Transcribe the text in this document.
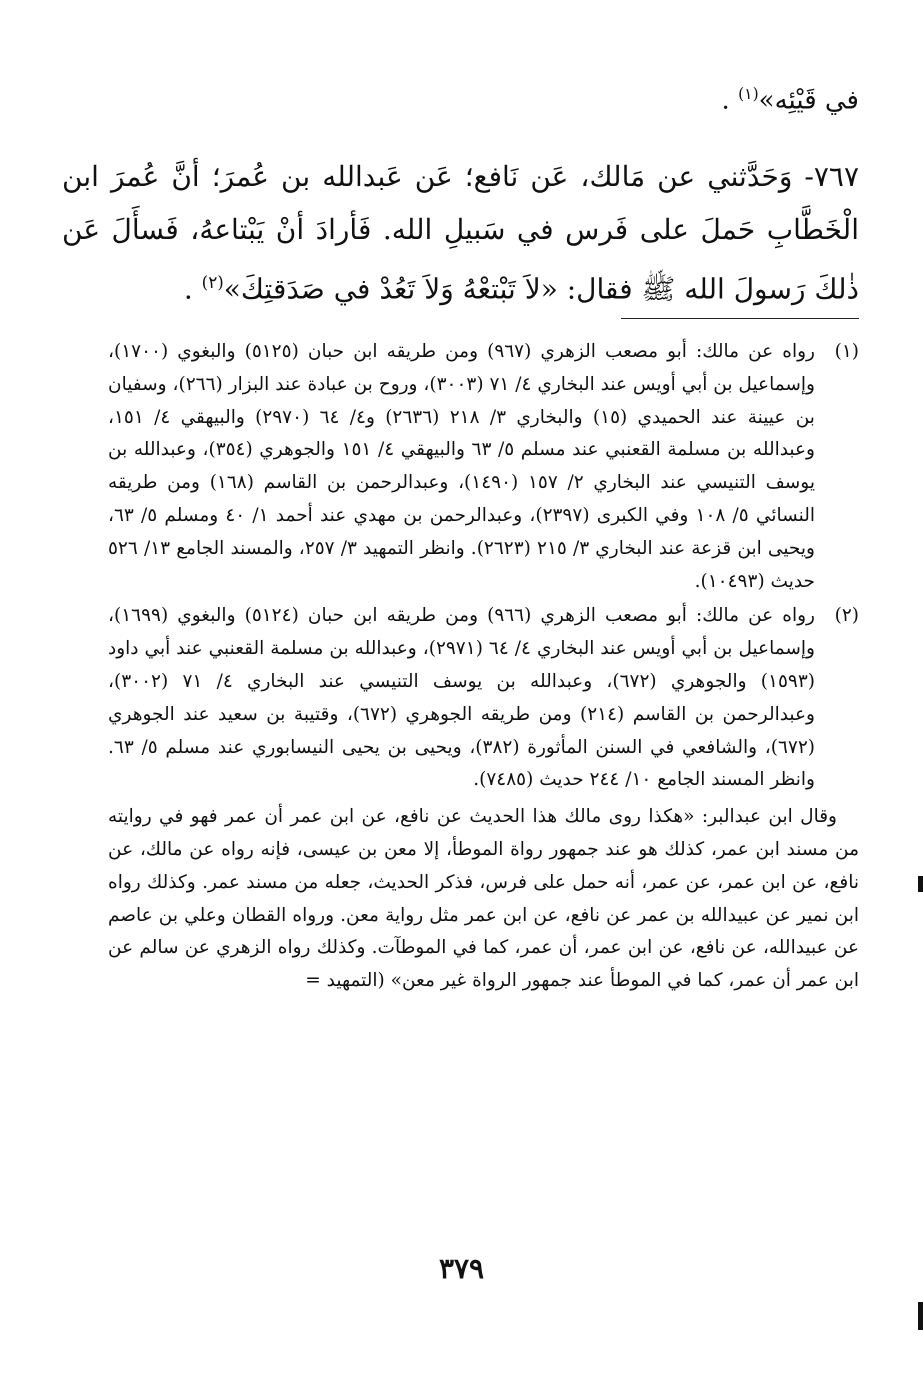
في قَيْئِه»$^{(١)}$ .
٧٦٧- وَحَدَّثني عن مَالك، عَن نَافع؛ عَن عَبدالله بن عُمرَ؛ أنَّ عُمرَ ابن الْخَطَّابِ حَملَ على فَرس في سَبيلِ الله. فَأرادَ أنْ يَبْتاعهُ، فَسأَلَ عَن ذٰلكَ رَسولَ الله ﷺ فقال: «لاَ تَبْتعْهُ وَلاَ تَعُدْ في صَدَقتِكَ»$^{(٢)}$ .
(١)
رواه عن مالك: أبو مصعب الزهري (٩٦٧) ومن طريقه ابن حبان (٥١٢٥) والبغوي (١٧٠٠)، وإسماعيل بن أبي أويس عند البخاري ٤/ ٧١ (٣٠٠٣)، وروح بن عبادة عند البزار (٢٦٦)، وسفيان بن عيينة عند الحميدي (١٥) والبخاري ٣/ ٢١٨ (٢٦٣٦) و٤/ ٦٤ (٢٩٧٠) والبيهقي ٤/ ١٥١، وعبدالله بن مسلمة القعنبي عند مسلم ٥/ ٦٣ والبيهقي ٤/ ١٥١ والجوهري (٣٥٤)، وعبدالله بن يوسف التنيسي عند البخاري ٢/ ١٥٧ (١٤٩٠)، وعبدالرحمن بن القاسم (١٦٨) ومن طريقه النسائي ٥/ ١٠٨ وفي الكبرى (٢٣٩٧)، وعبدالرحمن بن مهدي عند أحمد ١/ ٤٠ ومسلم ٥/ ٦٣، ويحيى ابن قزعة عند البخاري ٣/ ٢١٥ (٢٦٢٣). وانظر التمهيد ٣/ ٢٥٧، والمسند الجامع ١٣/ ٥٢٦ حديث (١٠٤٩٣).
(٢)
رواه عن مالك: أبو مصعب الزهري (٩٦٦) ومن طريقه ابن حبان (٥١٢٤) والبغوي (١٦٩٩)، وإسماعيل بن أبي أويس عند البخاري ٤/ ٦٤ (٢٩٧١)، وعبدالله بن مسلمة القعنبي عند أبي داود (١٥٩٣) والجوهري (٦٧٢)، وعبدالله بن يوسف التنيسي عند البخاري ٤/ ٧١ (٣٠٠٢)، وعبدالرحمن بن القاسم (٢١٤) ومن طريقه الجوهري (٦٧٢)، وقتيبة بن سعيد عند الجوهري (٦٧٢)، والشافعي في السنن المأثورة (٣٨٢)، ويحيى بن يحيى النيسابوري عند مسلم ٥/ ٦٣. وانظر المسند الجامع ١٠/ ٢٤٤ حديث (٧٤٨٥).
وقال ابن عبدالبر: «هكذا روى مالك هذا الحديث عن نافع، عن ابن عمر أن عمر فهو في روايته من مسند ابن عمر، كذلك هو عند جمهور رواة الموطأ، إلا معن بن عيسى، فإنه رواه عن مالك، عن نافع، عن ابن عمر، عن عمر، أنه حمل على فرس، فذكر الحديث، جعله من مسند عمر. وكذلك رواه ابن نمير عن عبيدالله بن عمر عن نافع، عن ابن عمر مثل رواية معن. ورواه القطان وعلي بن عاصم عن عبيدالله، عن نافع، عن ابن عمر، أن عمر، كما في الموطآت. وكذلك رواه الزهري عن سالم عن ابن عمر أن عمر، كما في الموطأ عند جمهور الرواة غير معن» (التمهيد =
٣٧٩
